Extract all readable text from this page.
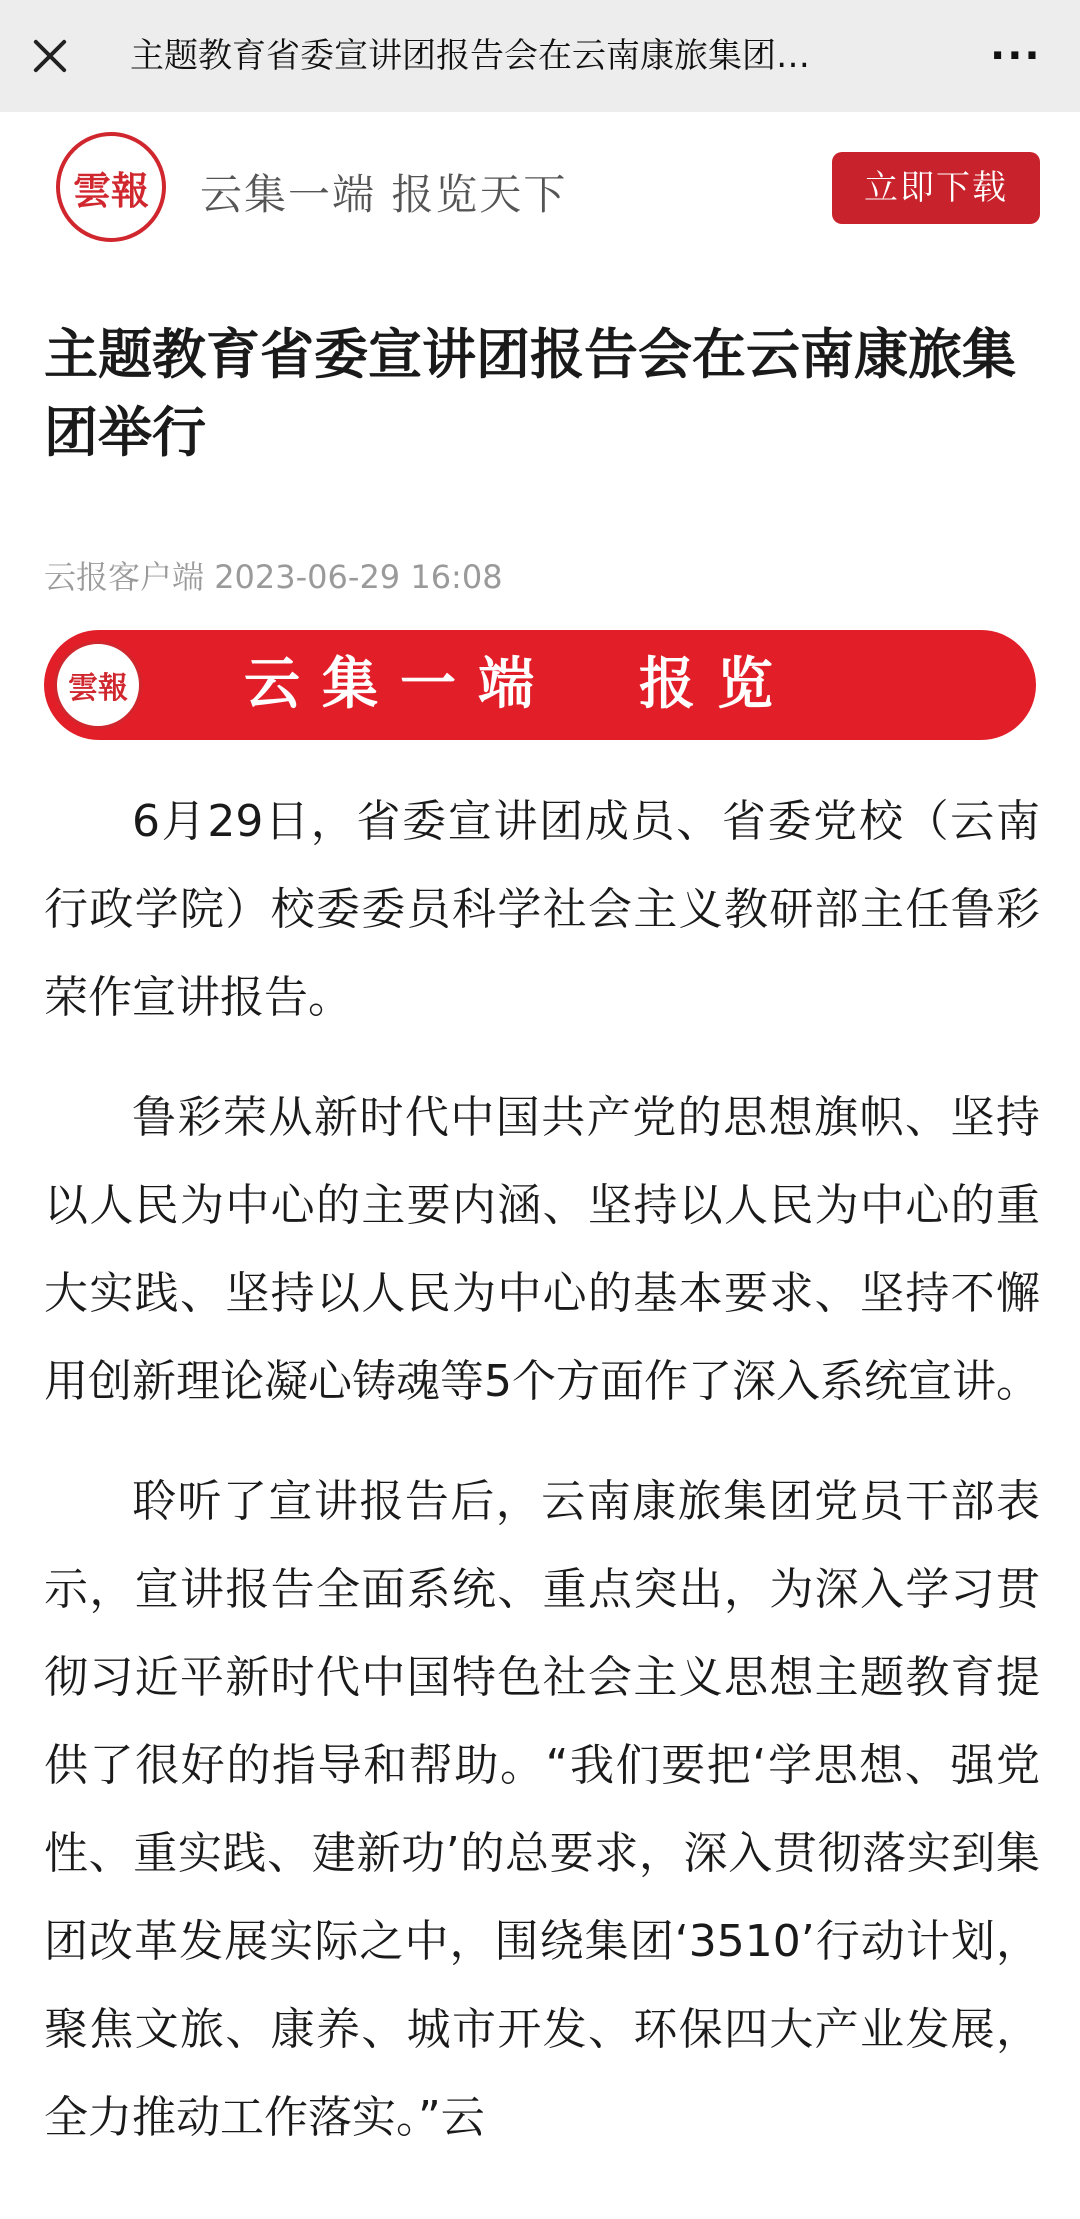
主题教育省委宣讲团报告会在云南康旅集团…	···
雲報	云集一端 报览天下	立即下载
主题教育省委宣讲团报告会在云南康旅集团举行
云报客户端 2023-06-29 16:08
雲報 云集一端  报览

6月29日，省委宣讲团成员、省委党校（云南行政学院）校委委员科学社会主义教研部主任鲁彩荣作宣讲报告。

鲁彩荣从新时代中国共产党的思想旗帜、坚持以人民为中心的主要内涵、坚持以人民为中心的重大实践、坚持以人民为中心的基本要求、坚持不懈用创新理论凝心铸魂等5个方面作了深入系统宣讲。

聆听了宣讲报告后，云南康旅集团党员干部表示，宣讲报告全面系统、重点突出，为深入学习贯彻习近平新时代中国特色社会主义思想主题教育提供了很好的指导和帮助。“我们要把‘学思想、强党性、重实践、建新功’的总要求，深入贯彻落实到集团改革发展实际之中，围绕集团‘3510’行动计划，聚焦文旅、康养、城市开发、环保四大产业发展，全力推动工作落实。”云
